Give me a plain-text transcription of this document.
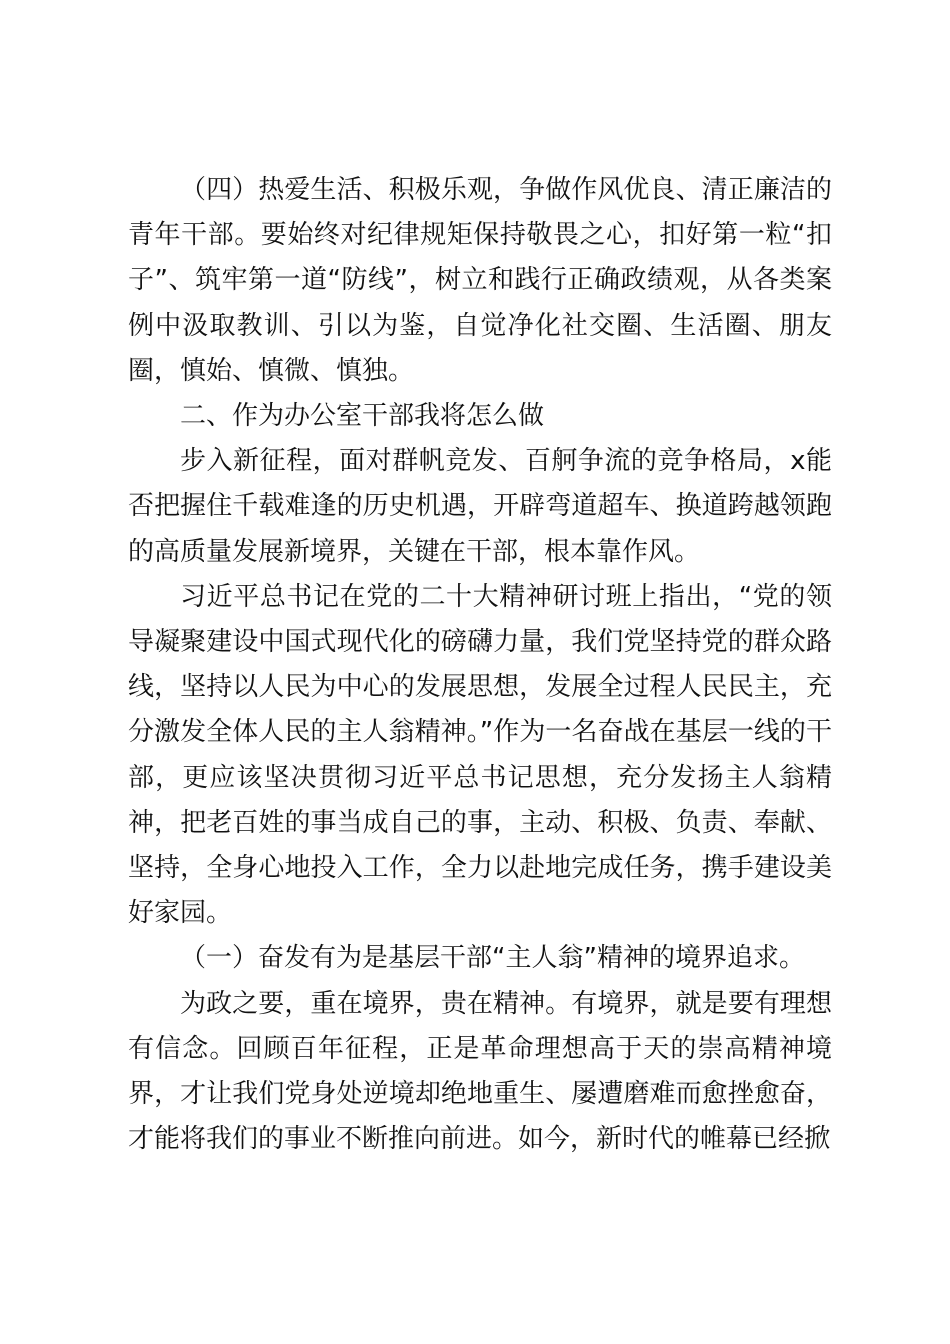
（四）热爱生活、积极乐观，争做作风优良、清正廉洁的青年干部。要始终对纪律规矩保持敬畏之心，扣好第一粒“扣子”、筑牢第一道“防线”，树立和践行正确政绩观，从各类案例中汲取教训、引以为鉴，自觉净化社交圈、生活圈、朋友圈，慎始、慎微、慎独。

二、作为办公室干部我将怎么做

步入新征程，面对群帆竞发、百舸争流的竞争格局，x能否把握住千载难逢的历史机遇，开辟弯道超车、换道跨越领跑的高质量发展新境界，关键在干部，根本靠作风。

习近平总书记在党的二十大精神研讨班上指出，“党的领导凝聚建设中国式现代化的磅礴力量，我们党坚持党的群众路线，坚持以人民为中心的发展思想，发展全过程人民民主，充分激发全体人民的主人翁精神。”作为一名奋战在基层一线的干部，更应该坚决贯彻习近平总书记思想，充分发扬主人翁精神，把老百姓的事当成自己的事，主动、积极、负责、奉献、坚持，全身心地投入工作，全力以赴地完成任务，携手建设美好家园。

（一）奋发有为是基层干部“主人翁”精神的境界追求。

为政之要，重在境界，贵在精神。有境界，就是要有理想有信念。回顾百年征程，正是革命理想高于天的崇高精神境界，才让我们党身处逆境却绝地重生、屡遭磨难而愈挫愈奋，才能将我们的事业不断推向前进。如今，新时代的帷幕已经掀
